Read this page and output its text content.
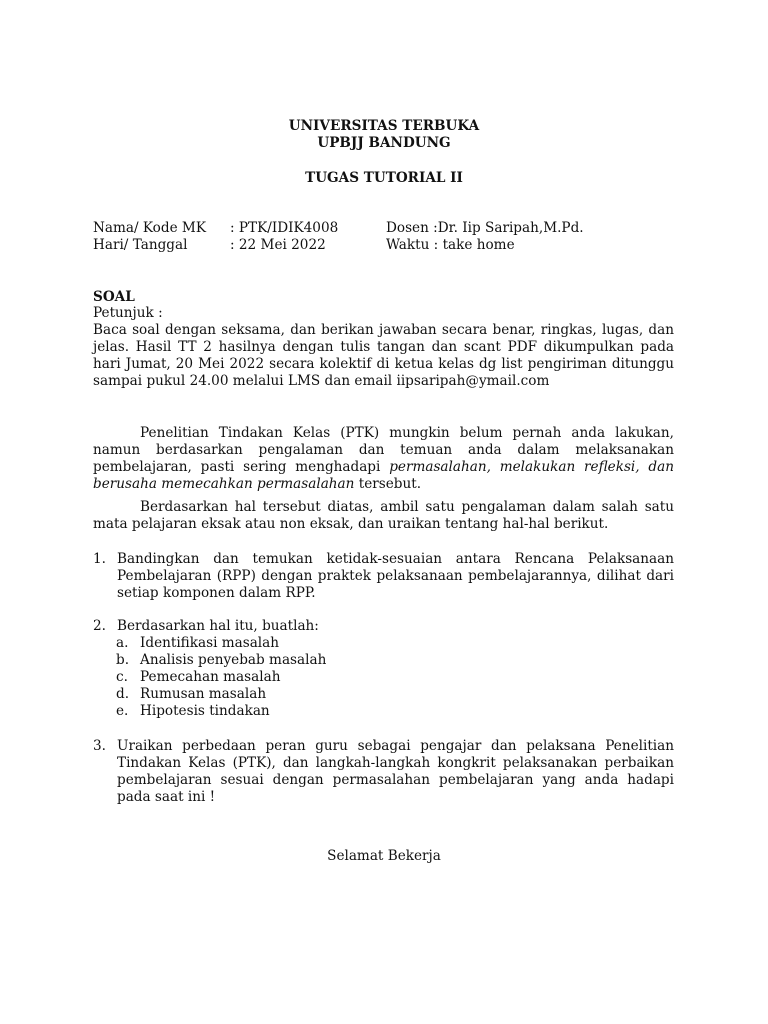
UNIVERSITAS TERBUKA
UPBJJ BANDUNG
TUGAS TUTORIAL II
Nama/ Kode MK : PTK/IDIK4008	Dosen :Dr. Iip Saripah,M.Pd.
Hari/ Tanggal	: 22 Mei 2022	Waktu : take home
SOAL
Petunjuk :
Baca soal dengan seksama, dan berikan jawaban secara benar, ringkas, lugas, dan jelas. Hasil TT 2 hasilnya dengan tulis tangan dan scant PDF dikumpulkan pada hari Jumat, 20 Mei 2022 secara kolektif di ketua kelas dg list pengiriman ditunggu sampai pukul 24.00 melalui LMS dan email iipsaripah@ymail.com
Penelitian Tindakan Kelas (PTK) mungkin belum pernah anda lakukan, namun berdasarkan pengalaman dan temuan anda dalam melaksanakan pembelajaran, pasti sering menghadapi permasalahan, melakukan refleksi, dan berusaha memecahkan permasalahan tersebut.
Berdasarkan hal tersebut diatas, ambil satu pengalaman dalam salah satu mata pelajaran eksak atau non eksak, dan uraikan tentang hal-hal berikut.
1. Bandingkan dan temukan ketidak-sesuaian antara Rencana Pelaksanaan Pembelajaran (RPP) dengan praktek pelaksanaan pembelajarannya, dilihat dari setiap komponen dalam RPP.
2. Berdasarkan hal itu, buatlah:
a. Identifikasi masalah
b. Analisis penyebab masalah
c. Pemecahan masalah
d. Rumusan masalah
e. Hipotesis tindakan
3. Uraikan perbedaan peran guru sebagai pengajar dan pelaksana Penelitian Tindakan Kelas (PTK), dan langkah-langkah kongkrit pelaksanakan perbaikan pembelajaran sesuai dengan permasalahan pembelajaran yang anda hadapi pada saat ini !
Selamat Bekerja
